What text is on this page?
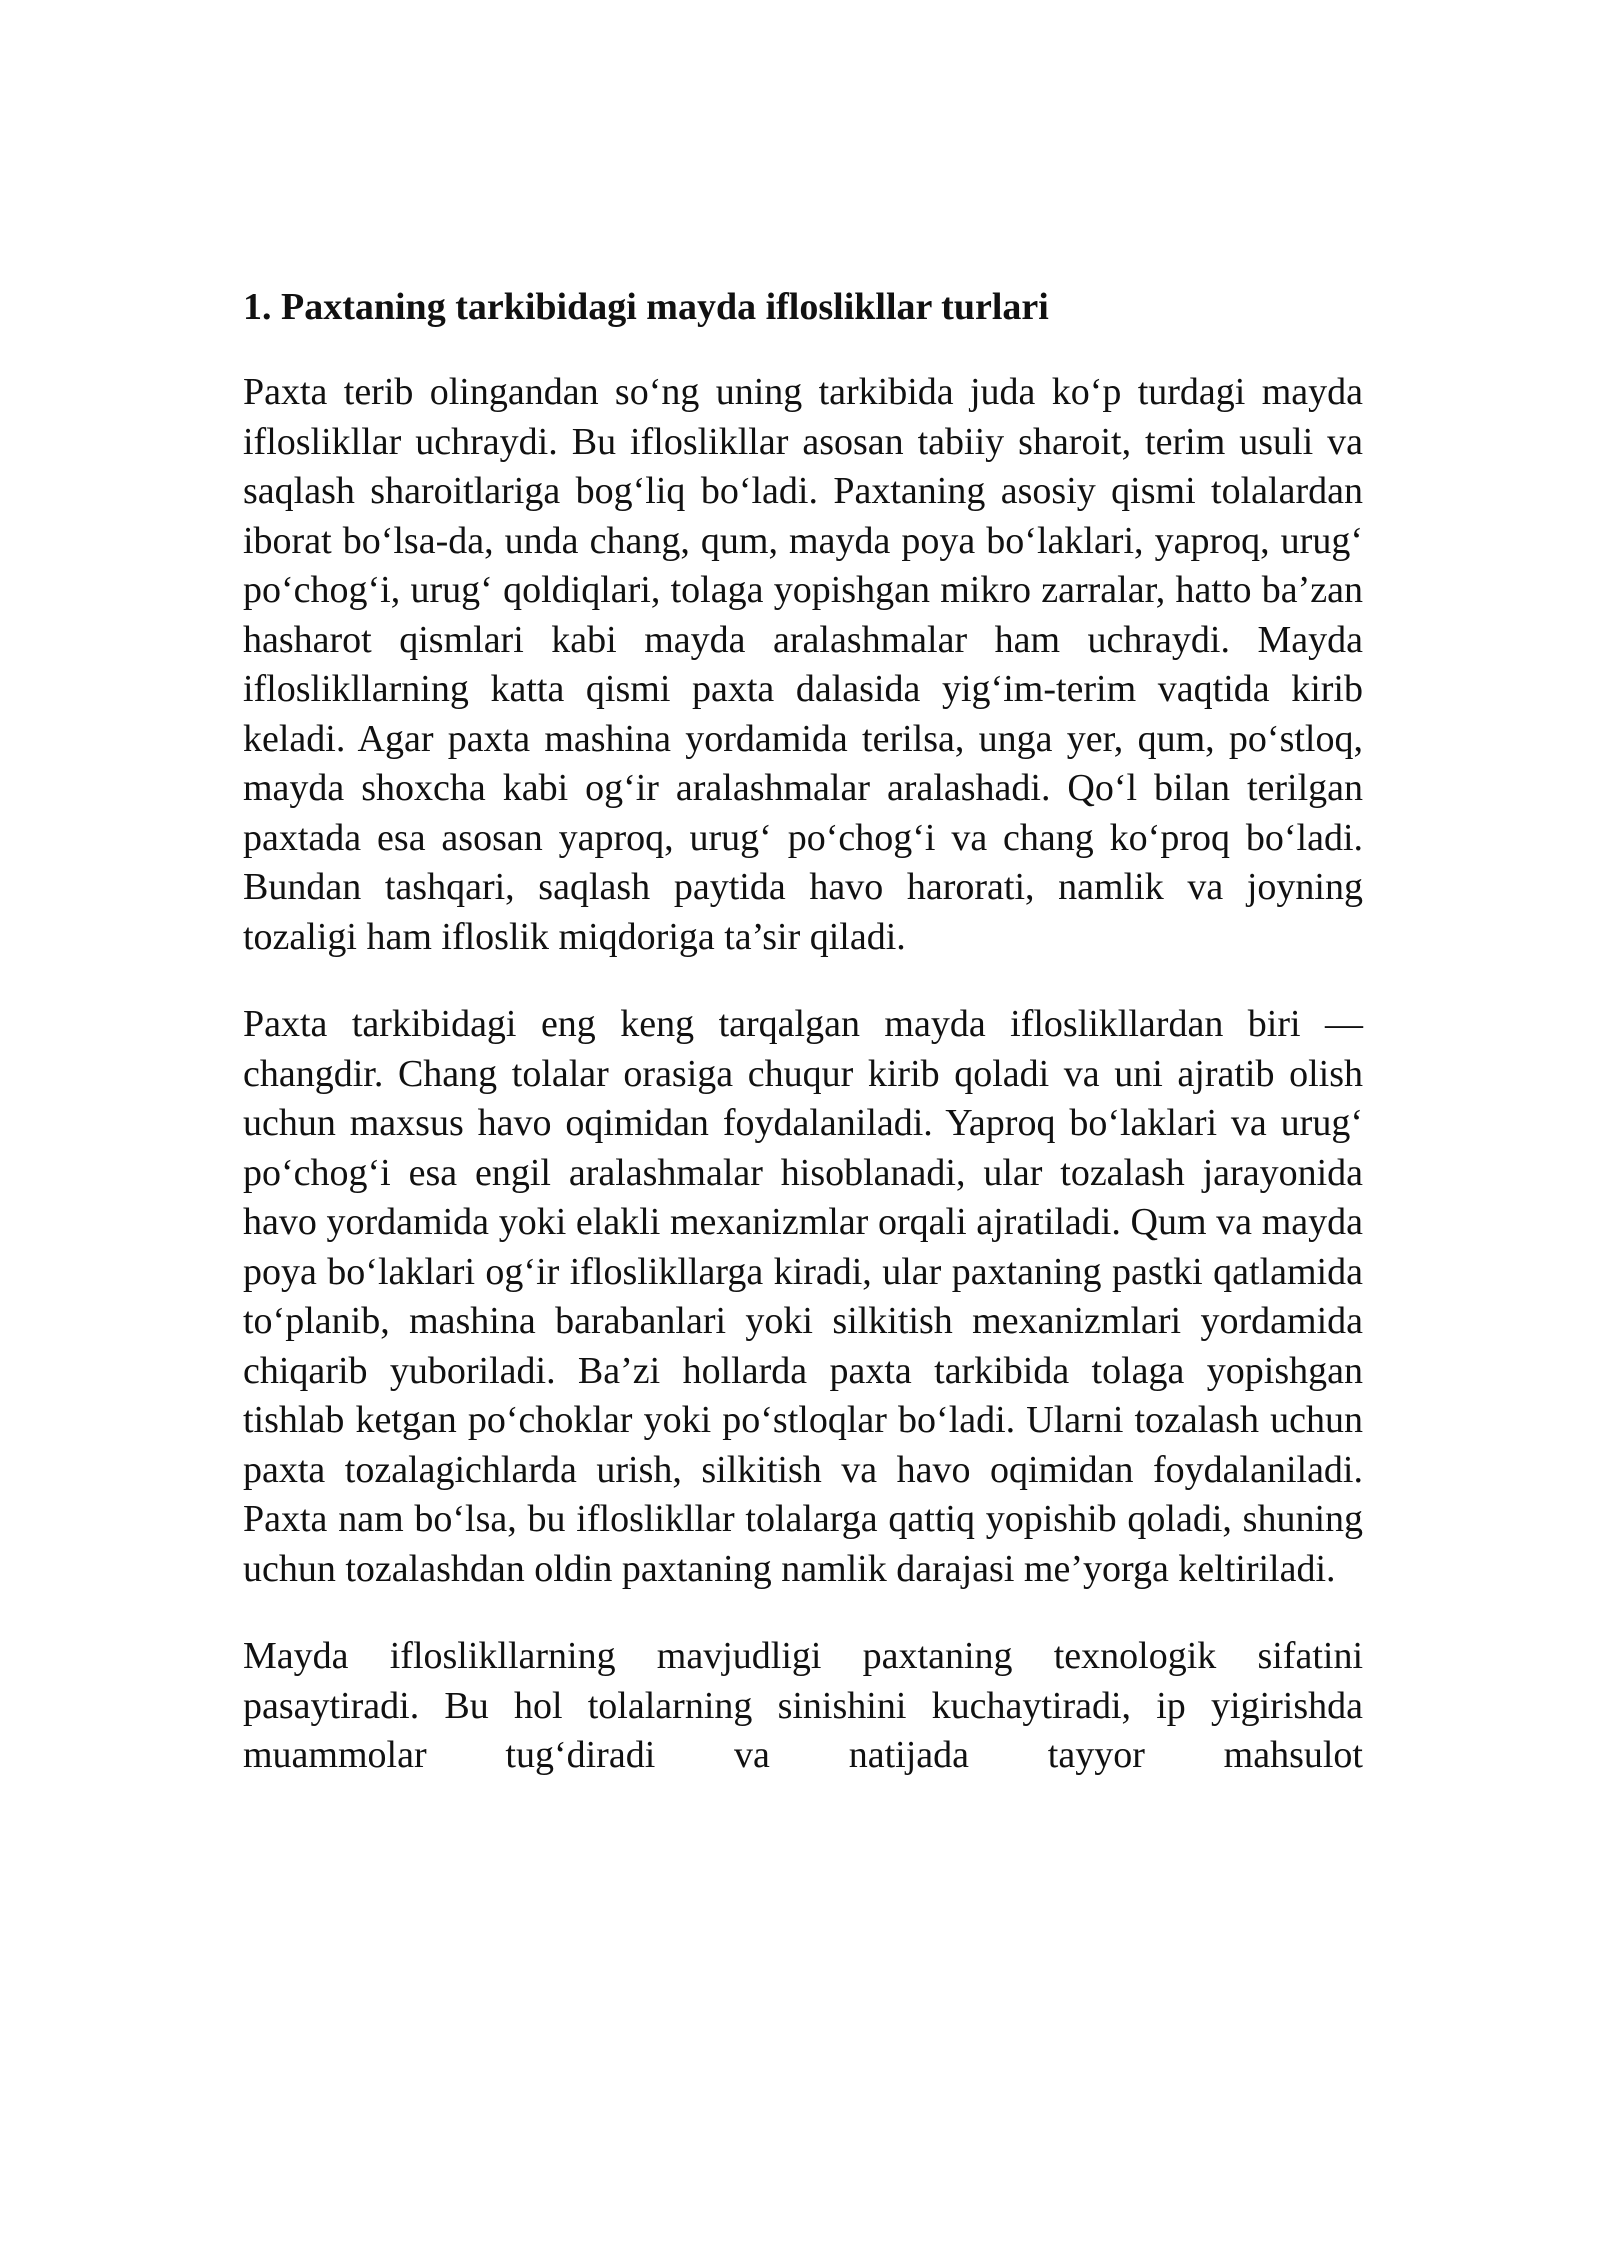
1. Paxtaning tarkibidagi mayda ifloslikllar turlari

Paxta terib olingandan so‘ng uning tarkibida juda ko‘p turdagi mayda ifloslikllar uchraydi. Bu ifloslikllar asosan tabiiy sharoit, terim usuli va saqlash sharoitlariga bog‘liq bo‘ladi. Paxtaning asosiy qismi tolalardan iborat bo‘lsa-da, unda chang, qum, mayda poya bo‘laklari, yaproq, urug‘ po‘chog‘i, urug‘ qoldiqlari, tolaga yopishgan mikro zarralar, hatto ba’zan hasharot qismlari kabi mayda aralashmalar ham uchraydi. Mayda ifloslikllarning katta qismi paxta dalasida yig‘im-terim vaqtida kirib keladi. Agar paxta mashina yordamida terilsa, unga yer, qum, po‘stloq, mayda shoxcha kabi og‘ir aralashmalar aralashadi. Qo‘l bilan terilgan paxtada esa asosan yaproq, urug‘ po‘chog‘i va chang ko‘proq bo‘ladi. Bundan tashqari, saqlash paytida havo harorati, namlik va joyning tozaligi ham ifloslik miqdoriga ta’sir qiladi.

Paxta tarkibidagi eng keng tarqalgan mayda ifloslikllardan biri — changdir. Chang tolalar orasiga chuqur kirib qoladi va uni ajratib olish uchun maxsus havo oqimidan foydalaniladi. Yaproq bo‘laklari va urug‘ po‘chog‘i esa engil aralashmalar hisoblanadi, ular tozalash jarayonida havo yordamida yoki elakli mexanizmlar orqali ajratiladi. Qum va mayda poya bo‘laklari og‘ir ifloslikllarga kiradi, ular paxtaning pastki qatlamida to‘planib, mashina barabanlari yoki silkitish mexanizmlari yordamida chiqarib yuboriladi. Ba’zi hollarda paxta tarkibida tolaga yopishgan tishlab ketgan po‘choklar yoki po‘stloqlar bo‘ladi. Ularni tozalash uchun paxta tozalagichlarda urish, silkitish va havo oqimidan foydalaniladi. Paxta nam bo‘lsa, bu ifloslikllar tolalarga qattiq yopishib qoladi, shuning uchun tozalashdan oldin paxtaning namlik darajasi me’yorga keltiriladi.

Mayda ifloslikllarning mavjudligi paxtaning texnologik sifatini pasaytiradi. Bu hol tolalarning sinishini kuchaytiradi, ip yigirishda muammolar tug‘diradi va natijada tayyor mahsulot
